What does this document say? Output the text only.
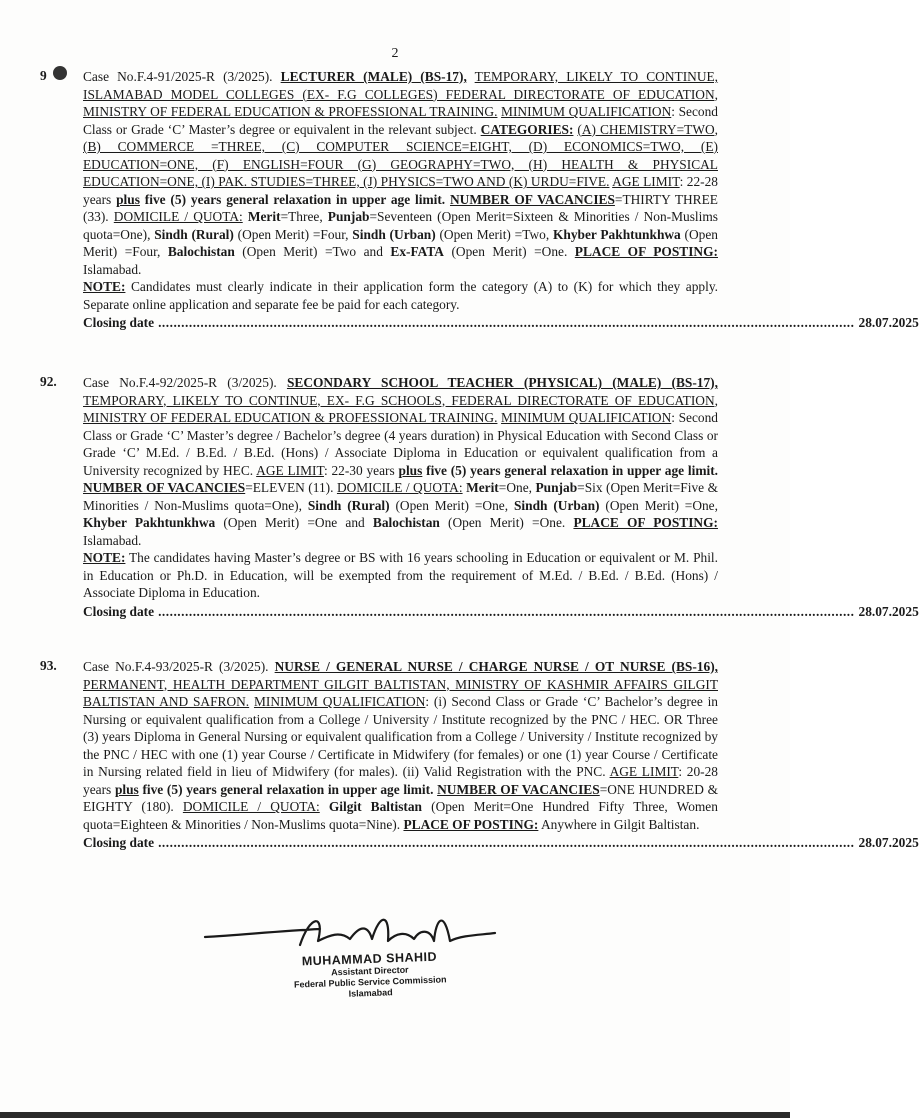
2
9	Case No.F.4-91/2025-R (3/2025). LECTURER (MALE) (BS-17), TEMPORARY, LIKELY TO CONTINUE, ISLAMABAD MODEL COLLEGES (EX- F.G COLLEGES) FEDERAL DIRECTORATE OF EDUCATION, MINISTRY OF FEDERAL EDUCATION & PROFESSIONAL TRAINING. MINIMUM QUALIFICATION: Second Class or Grade ‘C’ Master’s degree or equivalent in the relevant subject. CATEGORIES: (A) CHEMISTRY=TWO, (B) COMMERCE =THREE, (C) COMPUTER SCIENCE=EIGHT, (D) ECONOMICS=TWO, (E) EDUCATION=ONE, (F) ENGLISH=FOUR (G) GEOGRAPHY=TWO, (H) HEALTH & PHYSICAL EDUCATION=ONE, (I) PAK. STUDIES=THREE, (J) PHYSICS=TWO AND (K) URDU=FIVE. AGE LIMIT: 22-28 years plus five (5) years general relaxation in upper age limit. NUMBER OF VACANCIES=THIRTY THREE (33). DOMICILE / QUOTA: Merit=Three, Punjab=Seventeen (Open Merit=Sixteen & Minorities / Non-Muslims quota=One), Sindh (Rural) (Open Merit) =Four, Sindh (Urban) (Open Merit) =Two, Khyber Pakhtunkhwa (Open Merit) =Four, Balochistan (Open Merit) =Two and Ex-FATA (Open Merit) =One. PLACE OF POSTING: Islamabad.
NOTE: Candidates must clearly indicate in their application form the category (A) to (K) for which they apply. Separate online application and separate fee be paid for each category.
Closing date ..................................................................................................................................................................................... 28.07.2025
92.	Case No.F.4-92/2025-R (3/2025). SECONDARY SCHOOL TEACHER (PHYSICAL) (MALE) (BS-17), TEMPORARY, LIKELY TO CONTINUE, EX- F.G SCHOOLS, FEDERAL DIRECTORATE OF EDUCATION, MINISTRY OF FEDERAL EDUCATION & PROFESSIONAL TRAINING. MINIMUM QUALIFICATION: Second Class or Grade ‘C’ Master’s degree / Bachelor’s degree (4 years duration) in Physical Education with Second Class or Grade ‘C’ M.Ed. / B.Ed. / B.Ed. (Hons) / Associate Diploma in Education or equivalent qualification from a University recognized by HEC. AGE LIMIT: 22-30 years plus five (5) years general relaxation in upper age limit. NUMBER OF VACANCIES=ELEVEN (11). DOMICILE / QUOTA: Merit=One, Punjab=Six (Open Merit=Five & Minorities / Non-Muslims quota=One), Sindh (Rural) (Open Merit) =One, Sindh (Urban) (Open Merit) =One, Khyber Pakhtunkhwa (Open Merit) =One and Balochistan (Open Merit) =One. PLACE OF POSTING: Islamabad.
NOTE: The candidates having Master’s degree or BS with 16 years schooling in Education or equivalent or M. Phil. in Education or Ph.D. in Education, will be exempted from the requirement of M.Ed. / B.Ed. / B.Ed. (Hons) / Associate Diploma in Education.
Closing date ..................................................................................................................................................................................... 28.07.2025
93.	Case No.F.4-93/2025-R (3/2025). NURSE / GENERAL NURSE / CHARGE NURSE / OT NURSE (BS-16), PERMANENT, HEALTH DEPARTMENT GILGIT BALTISTAN, MINISTRY OF KASHMIR AFFAIRS GILGIT BALTISTAN AND SAFRON. MINIMUM QUALIFICATION: (i) Second Class or Grade ‘C’ Bachelor’s degree in Nursing or equivalent qualification from a College / University / Institute recognized by the PNC / HEC. OR Three (3) years Diploma in General Nursing or equivalent qualification from a College / University / Institute recognized by the PNC / HEC with one (1) year Course / Certificate in Midwifery (for females) or one (1) year Course / Certificate in Nursing related field in lieu of Midwifery (for males). (ii) Valid Registration with the PNC. AGE LIMIT: 20-28 years plus five (5) years general relaxation in upper age limit. NUMBER OF VACANCIES=ONE HUNDRED & EIGHTY (180). DOMICILE / QUOTA: Gilgit Baltistan (Open Merit=One Hundred Fifty Three, Women quota=Eighteen & Minorities / Non-Muslims quota=Nine). PLACE OF POSTING: Anywhere in Gilgit Baltistan.
Closing date ..................................................................................................................................................................................... 28.07.2025
MUHAMMAD SHAHID
Assistant Director
Federal Public Service Commission
Islamabad
